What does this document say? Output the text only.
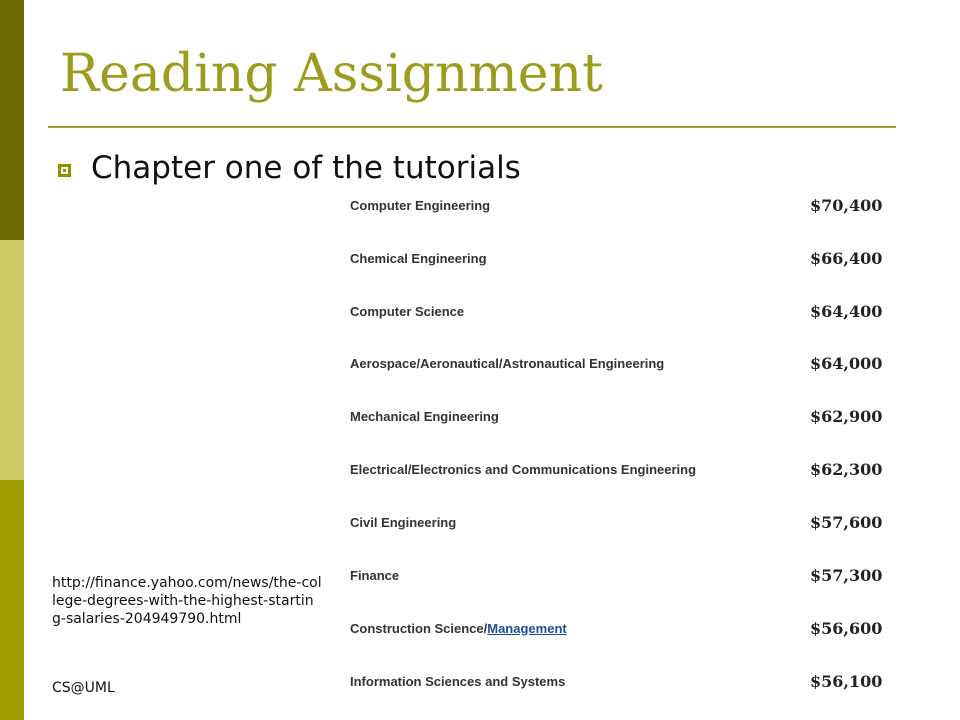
Reading Assignment
Chapter one of the tutorials
Computer Engineering	$70,400
Chemical Engineering	$66,400
Computer Science	$64,400
Aerospace/Aeronautical/Astronautical Engineering	$64,000
Mechanical Engineering	$62,900
Electrical/Electronics and Communications Engineering	$62,300
Civil Engineering	$57,600
Finance	$57,300
Construction Science/Management	$56,600
Information Sciences and Systems	$56,100
http://finance.yahoo.com/news/the-college-degrees-with-the-highest-starting-salaries-204949790.html
CS@UML
